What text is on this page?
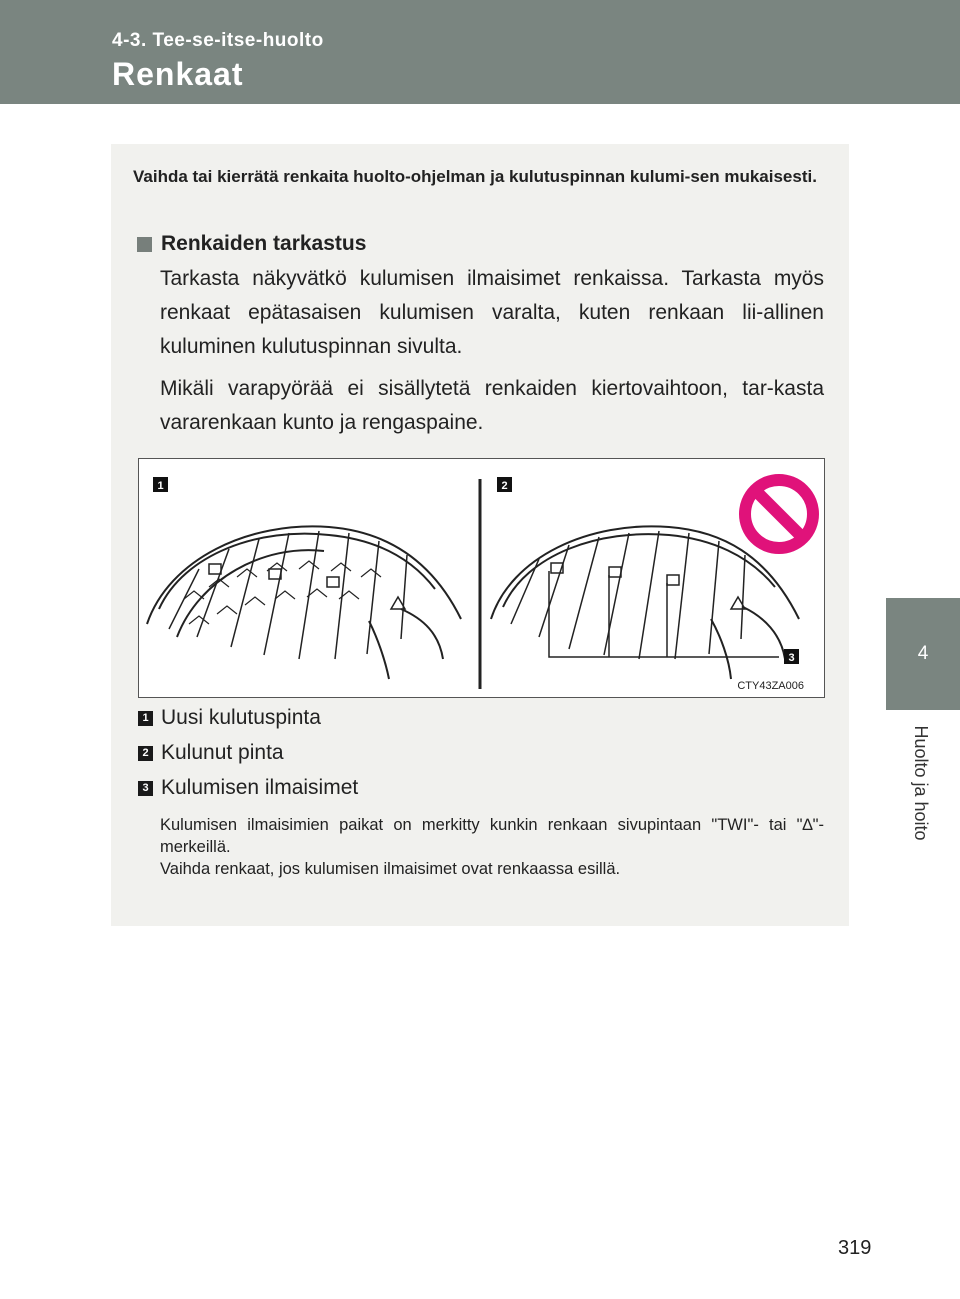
4-3. Tee-se-itse-huolto
Renkaat
4
Huolto ja hoito
Vaihda tai kierrätä renkaita huolto-ohjelman ja kulutuspinnan kulumi-sen mukaisesti.
Renkaiden tarkastus
Tarkasta näkyvätkö kulumisen ilmaisimet renkaissa. Tarkasta myös renkaat epätasaisen kulumisen varalta, kuten renkaan lii-allinen kuluminen kulutuspinnan sivulta.
Mikäli varapyörää ei sisällytetä renkaiden kiertovaihtoon, tar-kasta vararenkaan kunto ja rengaspaine.
1	2
3
CTY43ZA006
1 Uusi kulutuspinta
2 Kulunut pinta
3 Kulumisen ilmaisimet
Kulumisen ilmaisimien paikat on merkitty kunkin renkaan sivupintaan "TWI"- tai "∆"-merkeillä.
Vaihda renkaat, jos kulumisen ilmaisimet ovat renkaassa esillä.
319
